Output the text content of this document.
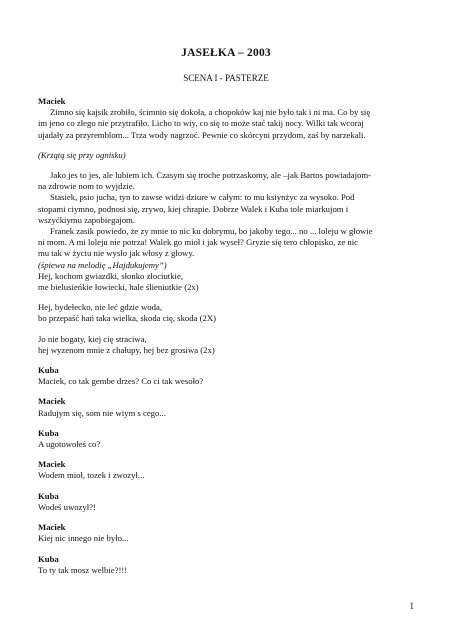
JASEŁKA – 2003
SCENA I - PASTERZE

Maciek

Zimno się kajsik zrobiło, ścimnio się dokoła, a chopoków kaj nie było tak i ni ma. Co by się

im jeno co złego nie przytrafiło. Licho to wiy, co się to może stać takij nocy. Wilki tak wcoraj

ujadały za przyremblom... Trza wody nagrzoć. Pewnie co skórcyni przydom, zaś by narzekali.

(Krzątą się przy ognisku)

Jako jes to jes, ale lubiem ich. Czasym się troche potrzaskomy, ale –jak Bartos powiadajom-

na zdrowie nom to wyjdzie.

Stasiek, psio jucha, tyn to zawse widzi dziure w całym: to mu ksiynżyc za wysoko. Pod

stopami ciymno, podnosi się, zrywo, kiej chrapie. Dobrze Walek i Kuba tole miarkujom i

wszyćkiymu zapobiegajom.

Franek zasik powiedo, że zy mnie to nic ku dobrymu, bo jakoby tego... no ... loleju w głowie

ni mom. A mi loleju nie potrza! Walek go mioł i jak wyseł? Gryzie się tero chłopisko, ze nic

mu tak w życiu nie wysło jak włosy z głowy.

(śpiewa na melodię „Hajdukujemy”)

Hej, kochom gwiazdki, słonko złociutkie,

me bielusieńkie łowiecki, hale ślieniutkie (2x)

Hej, bydełecko, nie leć gdzie woda,

bo przepaść hań taka wielka, skoda cię, skoda (2X)

Jo nie bogaty, kiej cię straciwa,

hej wyzenom mnie z chałupy, hej bez grosiwa (2x)

Kuba

Maciek, co tak gembe drzes? Co ci tak wesoło?

Maciek

Radujym się, som nie wiym s cego...

Kuba

A ugotowołeś co?

Maciek

Wodem mioł, tozek i zwozył...

Kuba

Wodeś uwozył?!

Maciek

Kiej nic innego nie było...

Kuba

To ty tak mosz welbie?!!!

1
